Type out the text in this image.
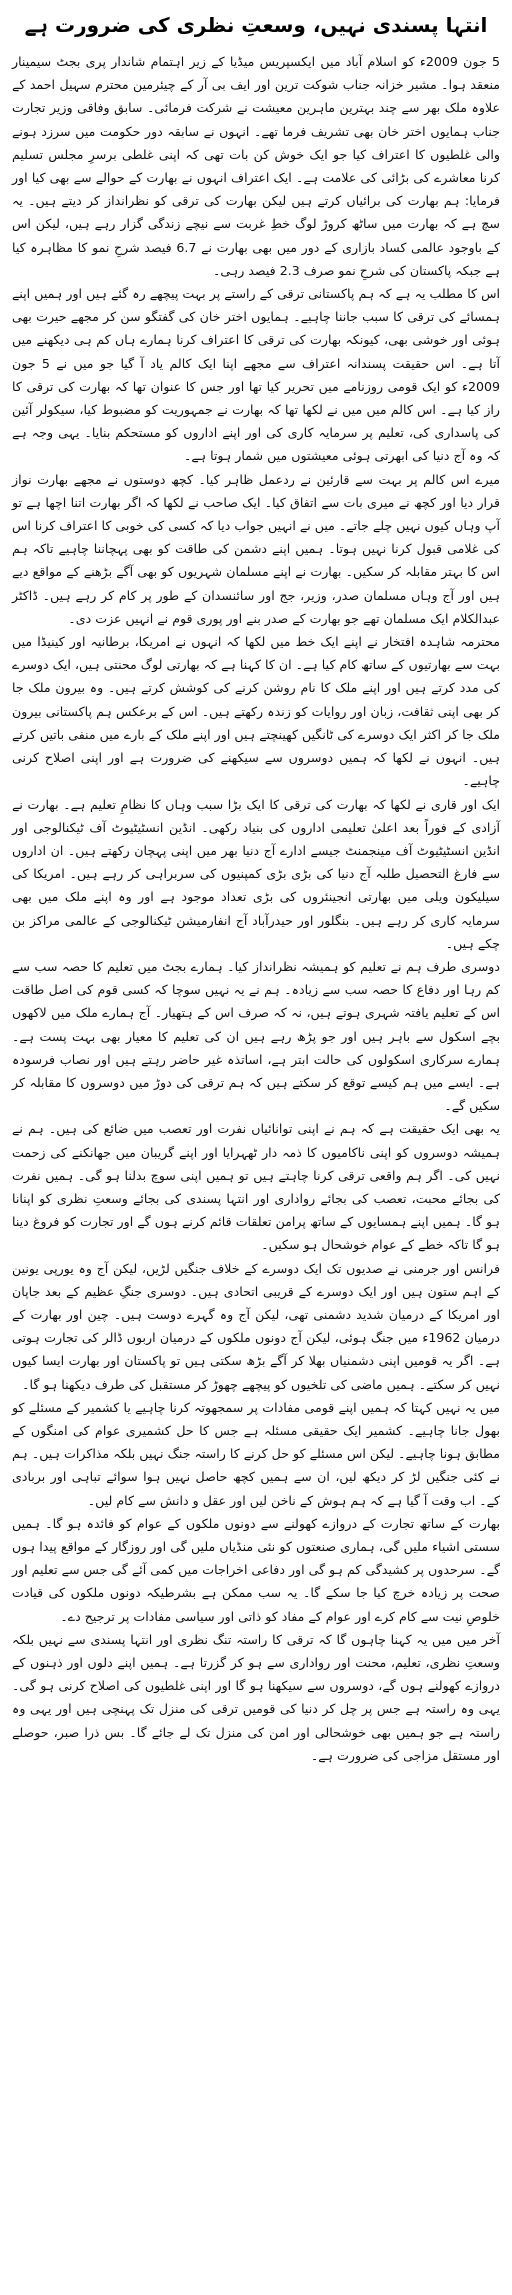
انتہا پسندی نہیں، وسعتِ نظری کی ضرورت ہے

5 جون 2009ء کو اسلام آباد میں ایکسپریس میڈیا کے زیر اہتمام شاندار پری بجٹ سیمینار منعقد ہوا۔ مشیر خزانہ جناب شوکت ترین اور ایف بی آر کے چیئرمین محترم سہیل احمد کے علاوہ ملک بھر سے چند بہترین ماہرین معیشت نے شرکت فرمائی۔ سابق وفاقی وزیر تجارت جناب ہمایوں اختر خان بھی تشریف فرما تھے۔ انہوں نے سابقہ دور حکومت میں سرزد ہونے والی غلطیوں کا اعتراف کیا جو ایک خوش کن بات تھی کہ اپنی غلطی برسرِ مجلس تسلیم کرنا معاشرے کی بڑائی کی علامت ہے۔ ایک اعتراف انہوں نے بھارت کے حوالے سے بھی کیا اور فرمایا: ہم بھارت کی برائیاں کرتے ہیں لیکن بھارت کی ترقی کو نظرانداز کر دیتے ہیں۔ یہ سچ ہے کہ بھارت میں ساٹھ کروڑ لوگ خطِ غربت سے نیچے زندگی گزار رہے ہیں، لیکن اس کے باوجود عالمی کساد بازاری کے دور میں بھی بھارت نے 6.7 فیصد شرحِ نمو کا مظاہرہ کیا ہے جبکہ پاکستان کی شرحِ نمو صرف 2.3 فیصد رہی۔

اس کا مطلب یہ ہے کہ ہم پاکستانی ترقی کے راستے پر بہت پیچھے رہ گئے ہیں اور ہمیں اپنے ہمسائے کی ترقی کا سبب جاننا چاہیے۔ ہمایوں اختر خان کی گفتگو سن کر مجھے حیرت بھی ہوئی اور خوشی بھی، کیونکہ بھارت کی ترقی کا اعتراف کرنا ہمارے ہاں کم ہی دیکھنے میں آتا ہے۔ اس حقیقت پسندانہ اعتراف سے مجھے اپنا ایک کالم یاد آ گیا جو میں نے 5 جون 2009ء کو ایک قومی روزنامے میں تحریر کیا تھا اور جس کا عنوان تھا کہ بھارت کی ترقی کا راز کیا ہے۔ اس کالم میں میں نے لکھا تھا کہ بھارت نے جمہوریت کو مضبوط کیا، سیکولر آئین کی پاسداری کی، تعلیم پر سرمایہ کاری کی اور اپنے اداروں کو مستحکم بنایا۔ یہی وجہ ہے کہ وہ آج دنیا کی ابھرتی ہوئی معیشتوں میں شمار ہوتا ہے۔

میرے اس کالم پر بہت سے قارئین نے ردعمل ظاہر کیا۔ کچھ دوستوں نے مجھے بھارت نواز قرار دیا اور کچھ نے میری بات سے اتفاق کیا۔ ایک صاحب نے لکھا کہ اگر بھارت اتنا اچھا ہے تو آپ وہاں کیوں نہیں چلے جاتے۔ میں نے انہیں جواب دیا کہ کسی کی خوبی کا اعتراف کرنا اس کی غلامی قبول کرنا نہیں ہوتا۔ ہمیں اپنے دشمن کی طاقت کو بھی پہچاننا چاہیے تاکہ ہم اس کا بہتر مقابلہ کر سکیں۔ بھارت نے اپنے مسلمان شہریوں کو بھی آگے بڑھنے کے مواقع دیے ہیں اور آج وہاں مسلمان صدر، وزیر، جج اور سائنسدان کے طور پر کام کر رہے ہیں۔ ڈاکٹر عبدالکلام ایک مسلمان تھے جو بھارت کے صدر بنے اور پوری قوم نے انہیں عزت دی۔

محترمہ شاہدہ افتخار نے اپنے ایک خط میں لکھا کہ انہوں نے امریکا، برطانیہ اور کینیڈا میں بہت سے بھارتیوں کے ساتھ کام کیا ہے۔ ان کا کہنا ہے کہ بھارتی لوگ محنتی ہیں، ایک دوسرے کی مدد کرتے ہیں اور اپنے ملک کا نام روشن کرنے کی کوشش کرتے ہیں۔ وہ بیرون ملک جا کر بھی اپنی ثقافت، زبان اور روایات کو زندہ رکھتے ہیں۔ اس کے برعکس ہم پاکستانی بیرون ملک جا کر اکثر ایک دوسرے کی ٹانگیں کھینچتے ہیں اور اپنے ملک کے بارے میں منفی باتیں کرتے ہیں۔ انہوں نے لکھا کہ ہمیں دوسروں سے سیکھنے کی ضرورت ہے اور اپنی اصلاح کرنی چاہیے۔

ایک اور قاری نے لکھا کہ بھارت کی ترقی کا ایک بڑا سبب وہاں کا نظامِ تعلیم ہے۔ بھارت نے آزادی کے فوراً بعد اعلیٰ تعلیمی اداروں کی بنیاد رکھی۔ انڈین انسٹیٹیوٹ آف ٹیکنالوجی اور انڈین انسٹیٹیوٹ آف مینجمنٹ جیسے ادارے آج دنیا بھر میں اپنی پہچان رکھتے ہیں۔ ان اداروں سے فارغ التحصیل طلبہ آج دنیا کی بڑی بڑی کمپنیوں کی سربراہی کر رہے ہیں۔ امریکا کی سیلیکون ویلی میں بھارتی انجینئروں کی بڑی تعداد موجود ہے اور وہ اپنے ملک میں بھی سرمایہ کاری کر رہے ہیں۔ بنگلور اور حیدرآباد آج انفارمیشن ٹیکنالوجی کے عالمی مراکز بن چکے ہیں۔

دوسری طرف ہم نے تعلیم کو ہمیشہ نظرانداز کیا۔ ہمارے بجٹ میں تعلیم کا حصہ سب سے کم رہا اور دفاع کا حصہ سب سے زیادہ۔ ہم نے یہ نہیں سوچا کہ کسی قوم کی اصل طاقت اس کے تعلیم یافتہ شہری ہوتے ہیں، نہ کہ صرف اس کے ہتھیار۔ آج ہمارے ملک میں لاکھوں بچے اسکول سے باہر ہیں اور جو پڑھ رہے ہیں ان کی تعلیم کا معیار بھی بہت پست ہے۔ ہمارے سرکاری اسکولوں کی حالت ابتر ہے، اساتذہ غیر حاضر رہتے ہیں اور نصاب فرسودہ ہے۔ ایسے میں ہم کیسے توقع کر سکتے ہیں کہ ہم ترقی کی دوڑ میں دوسروں کا مقابلہ کر سکیں گے۔

یہ بھی ایک حقیقت ہے کہ ہم نے اپنی توانائیاں نفرت اور تعصب میں ضائع کی ہیں۔ ہم نے ہمیشہ دوسروں کو اپنی ناکامیوں کا ذمہ دار ٹھہرایا اور اپنے گریبان میں جھانکنے کی زحمت نہیں کی۔ اگر ہم واقعی ترقی کرنا چاہتے ہیں تو ہمیں اپنی سوچ بدلنا ہو گی۔ ہمیں نفرت کی بجائے محبت، تعصب کی بجائے رواداری اور انتہا پسندی کی بجائے وسعتِ نظری کو اپنانا ہو گا۔ ہمیں اپنے ہمسایوں کے ساتھ پرامن تعلقات قائم کرنے ہوں گے اور تجارت کو فروغ دینا ہو گا تاکہ خطے کے عوام خوشحال ہو سکیں۔

فرانس اور جرمنی نے صدیوں تک ایک دوسرے کے خلاف جنگیں لڑیں، لیکن آج وہ یورپی یونین کے اہم ستون ہیں اور ایک دوسرے کے قریبی اتحادی ہیں۔ دوسری جنگِ عظیم کے بعد جاپان اور امریکا کے درمیان شدید دشمنی تھی، لیکن آج وہ گہرے دوست ہیں۔ چین اور بھارت کے درمیان 1962ء میں جنگ ہوئی، لیکن آج دونوں ملکوں کے درمیان اربوں ڈالر کی تجارت ہوتی ہے۔ اگر یہ قومیں اپنی دشمنیاں بھلا کر آگے بڑھ سکتی ہیں تو پاکستان اور بھارت ایسا کیوں نہیں کر سکتے۔ ہمیں ماضی کی تلخیوں کو پیچھے چھوڑ کر مستقبل کی طرف دیکھنا ہو گا۔

میں یہ نہیں کہتا کہ ہمیں اپنے قومی مفادات پر سمجھوتہ کرنا چاہیے یا کشمیر کے مسئلے کو بھول جانا چاہیے۔ کشمیر ایک حقیقی مسئلہ ہے جس کا حل کشمیری عوام کی امنگوں کے مطابق ہونا چاہیے۔ لیکن اس مسئلے کو حل کرنے کا راستہ جنگ نہیں بلکہ مذاکرات ہیں۔ ہم نے کئی جنگیں لڑ کر دیکھ لیں، ان سے ہمیں کچھ حاصل نہیں ہوا سوائے تباہی اور بربادی کے۔ اب وقت آ گیا ہے کہ ہم ہوش کے ناخن لیں اور عقل و دانش سے کام لیں۔

بھارت کے ساتھ تجارت کے دروازے کھولنے سے دونوں ملکوں کے عوام کو فائدہ ہو گا۔ ہمیں سستی اشیاء ملیں گی، ہماری صنعتوں کو نئی منڈیاں ملیں گی اور روزگار کے مواقع پیدا ہوں گے۔ سرحدوں پر کشیدگی کم ہو گی اور دفاعی اخراجات میں کمی آئے گی جس سے تعلیم اور صحت پر زیادہ خرچ کیا جا سکے گا۔ یہ سب ممکن ہے بشرطیکہ دونوں ملکوں کی قیادت خلوصِ نیت سے کام کرے اور عوام کے مفاد کو ذاتی اور سیاسی مفادات پر ترجیح دے۔

آخر میں میں یہ کہنا چاہوں گا کہ ترقی کا راستہ تنگ نظری اور انتہا پسندی سے نہیں بلکہ وسعتِ نظری، تعلیم، محنت اور رواداری سے ہو کر گزرتا ہے۔ ہمیں اپنے دلوں اور ذہنوں کے دروازے کھولنے ہوں گے، دوسروں سے سیکھنا ہو گا اور اپنی غلطیوں کی اصلاح کرنی ہو گی۔ یہی وہ راستہ ہے جس پر چل کر دنیا کی قومیں ترقی کی منزل تک پہنچی ہیں اور یہی وہ راستہ ہے جو ہمیں بھی خوشحالی اور امن کی منزل تک لے جائے گا۔ بس ذرا صبر، حوصلے اور مستقل مزاجی کی ضرورت ہے۔
